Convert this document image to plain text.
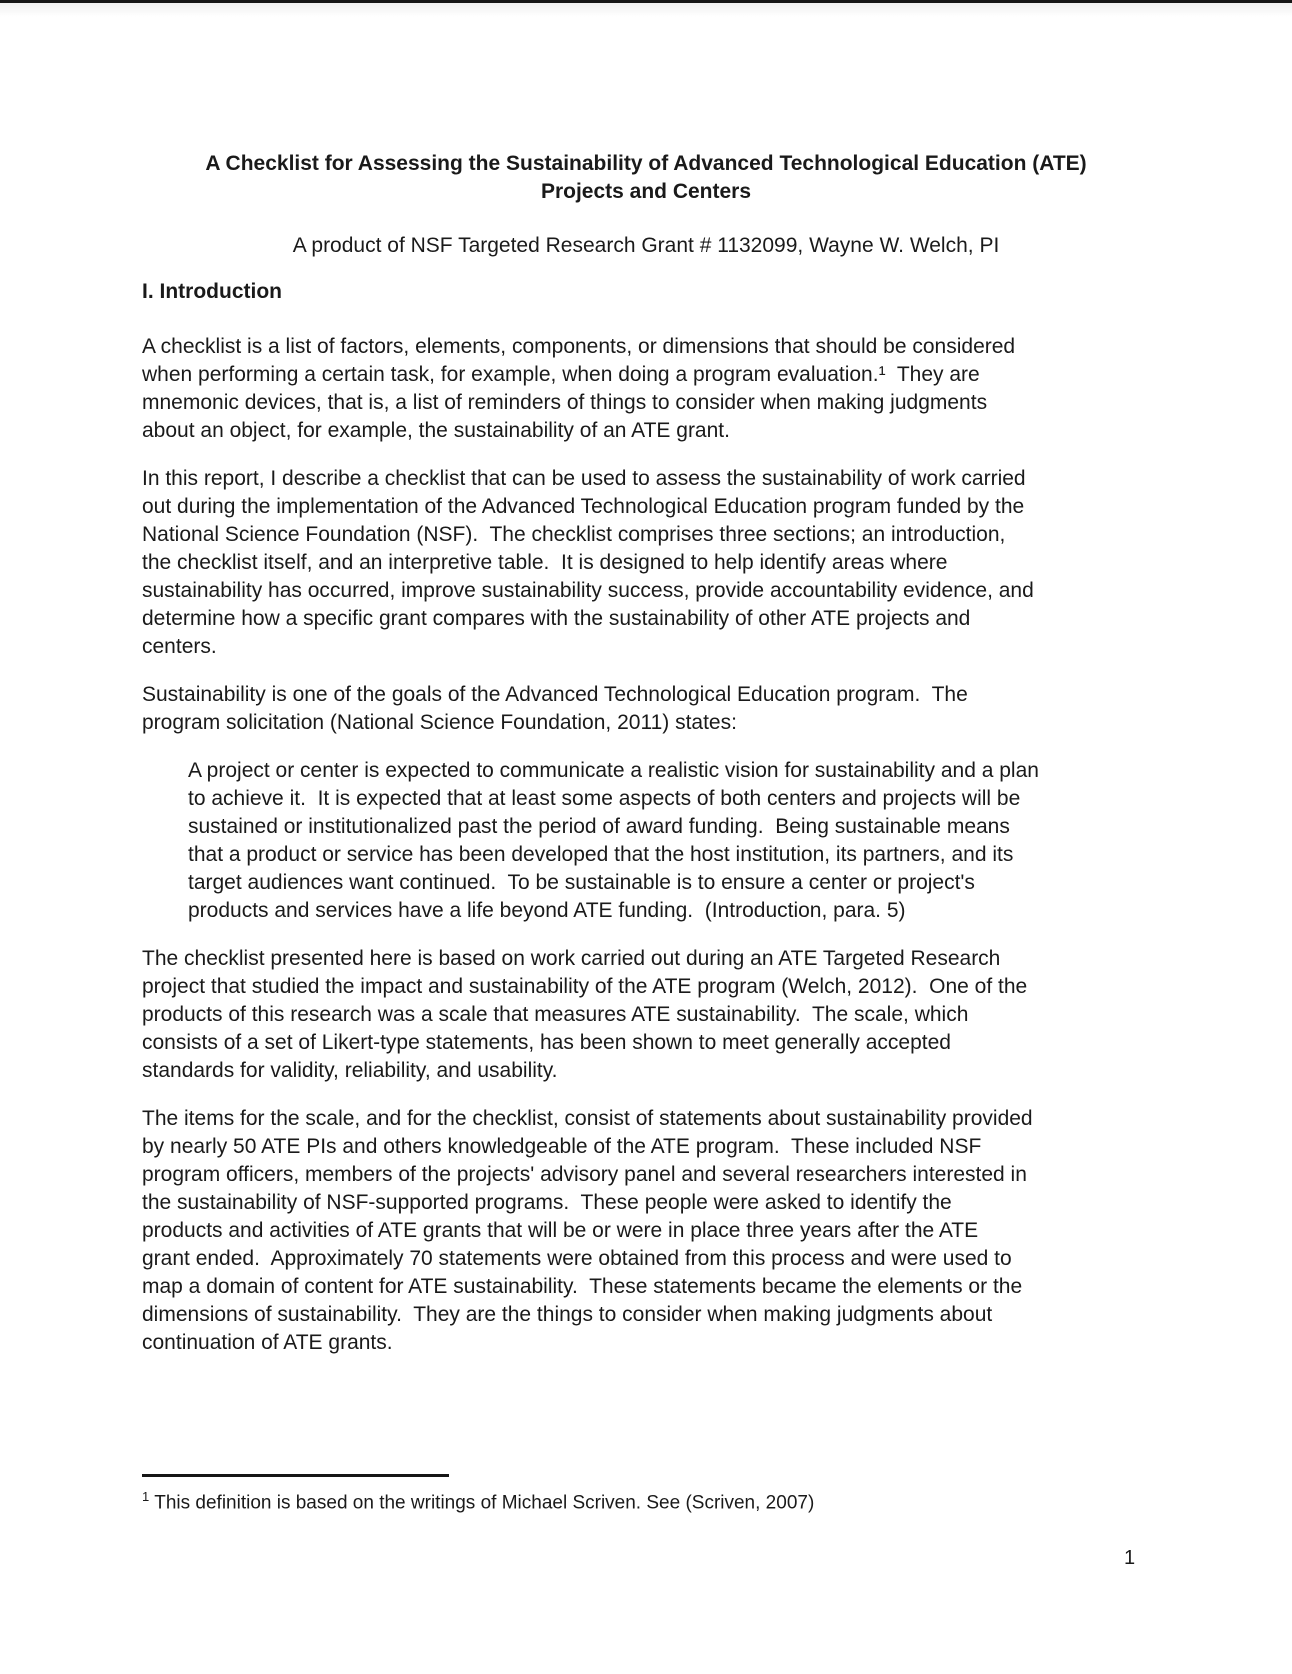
A Checklist for Assessing the Sustainability of Advanced Technological Education (ATE)
Projects and Centers

A product of NSF Targeted Research Grant # 1132099, Wayne W. Welch, PI

I. Introduction

A checklist is a list of factors, elements, components, or dimensions that should be considered
when performing a certain task, for example, when doing a program evaluation.¹  They are
mnemonic devices, that is, a list of reminders of things to consider when making judgments
about an object, for example, the sustainability of an ATE grant.

In this report, I describe a checklist that can be used to assess the sustainability of work carried
out during the implementation of the Advanced Technological Education program funded by the
National Science Foundation (NSF).  The checklist comprises three sections; an introduction,
the checklist itself, and an interpretive table.  It is designed to help identify areas where
sustainability has occurred, improve sustainability success, provide accountability evidence, and
determine how a specific grant compares with the sustainability of other ATE projects and
centers.

Sustainability is one of the goals of the Advanced Technological Education program.  The
program solicitation (National Science Foundation, 2011) states:

A project or center is expected to communicate a realistic vision for sustainability and a plan
to achieve it.  It is expected that at least some aspects of both centers and projects will be
sustained or institutionalized past the period of award funding.  Being sustainable means
that a product or service has been developed that the host institution, its partners, and its
target audiences want continued.  To be sustainable is to ensure a center or project's
products and services have a life beyond ATE funding.  (Introduction, para. 5)

The checklist presented here is based on work carried out during an ATE Targeted Research
project that studied the impact and sustainability of the ATE program (Welch, 2012).  One of the
products of this research was a scale that measures ATE sustainability.  The scale, which
consists of a set of Likert-type statements, has been shown to meet generally accepted
standards for validity, reliability, and usability.

The items for the scale, and for the checklist, consist of statements about sustainability provided
by nearly 50 ATE PIs and others knowledgeable of the ATE program.  These included NSF
program officers, members of the projects' advisory panel and several researchers interested in
the sustainability of NSF-supported programs.  These people were asked to identify the
products and activities of ATE grants that will be or were in place three years after the ATE
grant ended.  Approximately 70 statements were obtained from this process and were used to
map a domain of content for ATE sustainability.  These statements became the elements or the
dimensions of sustainability.  They are the things to consider when making judgments about
continuation of ATE grants.

$^1$ This definition is based on the writings of Michael Scriven. See (Scriven, 2007)
1
